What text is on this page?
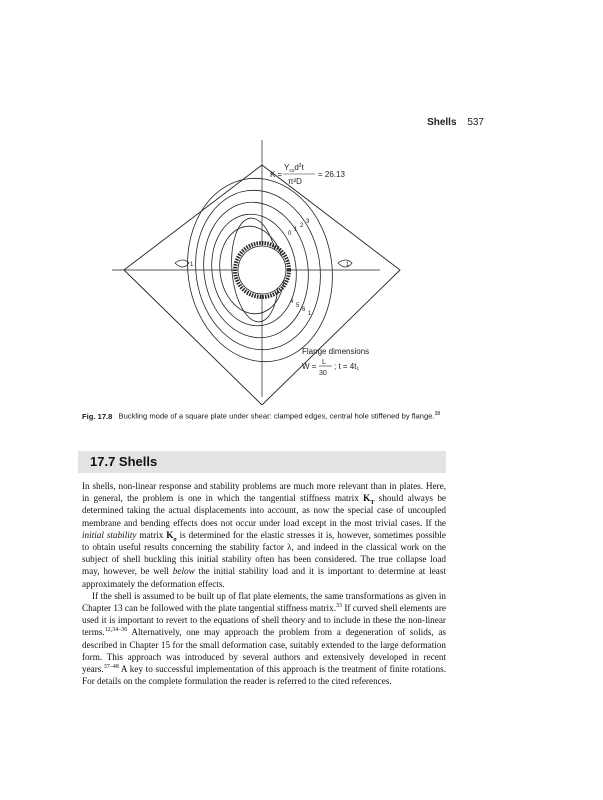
Shells 537
0
1
2
3
4
5
6
1
1	1
K =
$Y_{cs}d^2t$
π²D
= 26.13
Flange dimensions
W = L
30
; t = 4t₁
Fig. 17.8 Buckling mode of a square plate under shear: clamped edges, central hole stiffened by flange.$^{38}$
17.7 Shells

In shells, non-linear response and stability problems are much more relevant than in plates. Here, in general, the problem is one in which the tangential stiffness matrix $K_T$ should always be determined taking the actual displacements into account, as now the special case of uncoupled membrane and bending effects does not occur under load except in the most trivial cases. If the initial stability matrix $K_\sigma$ is determined for the elastic stresses it is, however, sometimes possible to obtain useful results concerning the stability factor λ, and indeed in the classical work on the subject of shell buckling this initial stability often has been considered. The true collapse load may, however, be well below the initial stability load and it is important to determine at least approximately the deformation effects.

If the shell is assumed to be built up of flat plate elements, the same transformations as given in Chapter 13 can be followed with the plate tangential stiffness matrix.$^{33}$ If curved shell elements are used it is important to revert to the equations of shell theory and to include in these the non-linear terms.$^{12,34-36}$ Alternatively, one may approach the problem from a degeneration of solids, as described in Chapter 15 for the small deformation case, suitably extended to the large deformation form. This approach was introduced by several authors and extensively developed in recent years.$^{37-48}$ A key to successful implementation of this approach is the treatment of finite rotations. For details on the complete formulation the reader is referred to the cited references.
